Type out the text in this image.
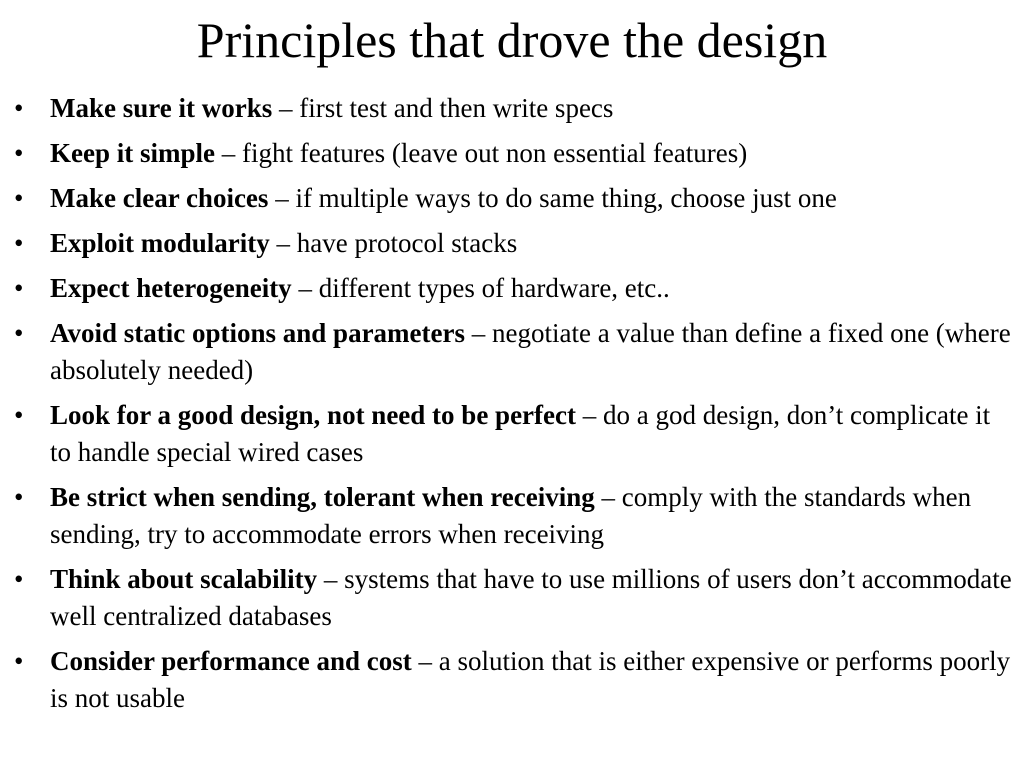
Principles that drove the design
• Make sure it works – first test and then write specs
• Keep it simple – fight features (leave out non essential features)
• Make clear choices – if multiple ways to do same thing, choose just one
• Exploit modularity – have protocol stacks
• Expect heterogeneity – different types of hardware, etc..
• Avoid static options and parameters – negotiate a value than define a fixed one (where absolutely needed)
• Look for a good design, not need to be perfect – do a god design, don’t complicate it to handle special wired cases
• Be strict when sending, tolerant when receiving – comply with the standards when sending, try to accommodate errors when receiving
• Think about scalability – systems that have to use millions of users don’t accommodate well centralized databases
• Consider performance and cost – a solution that is either expensive or performs poorly is not usable
